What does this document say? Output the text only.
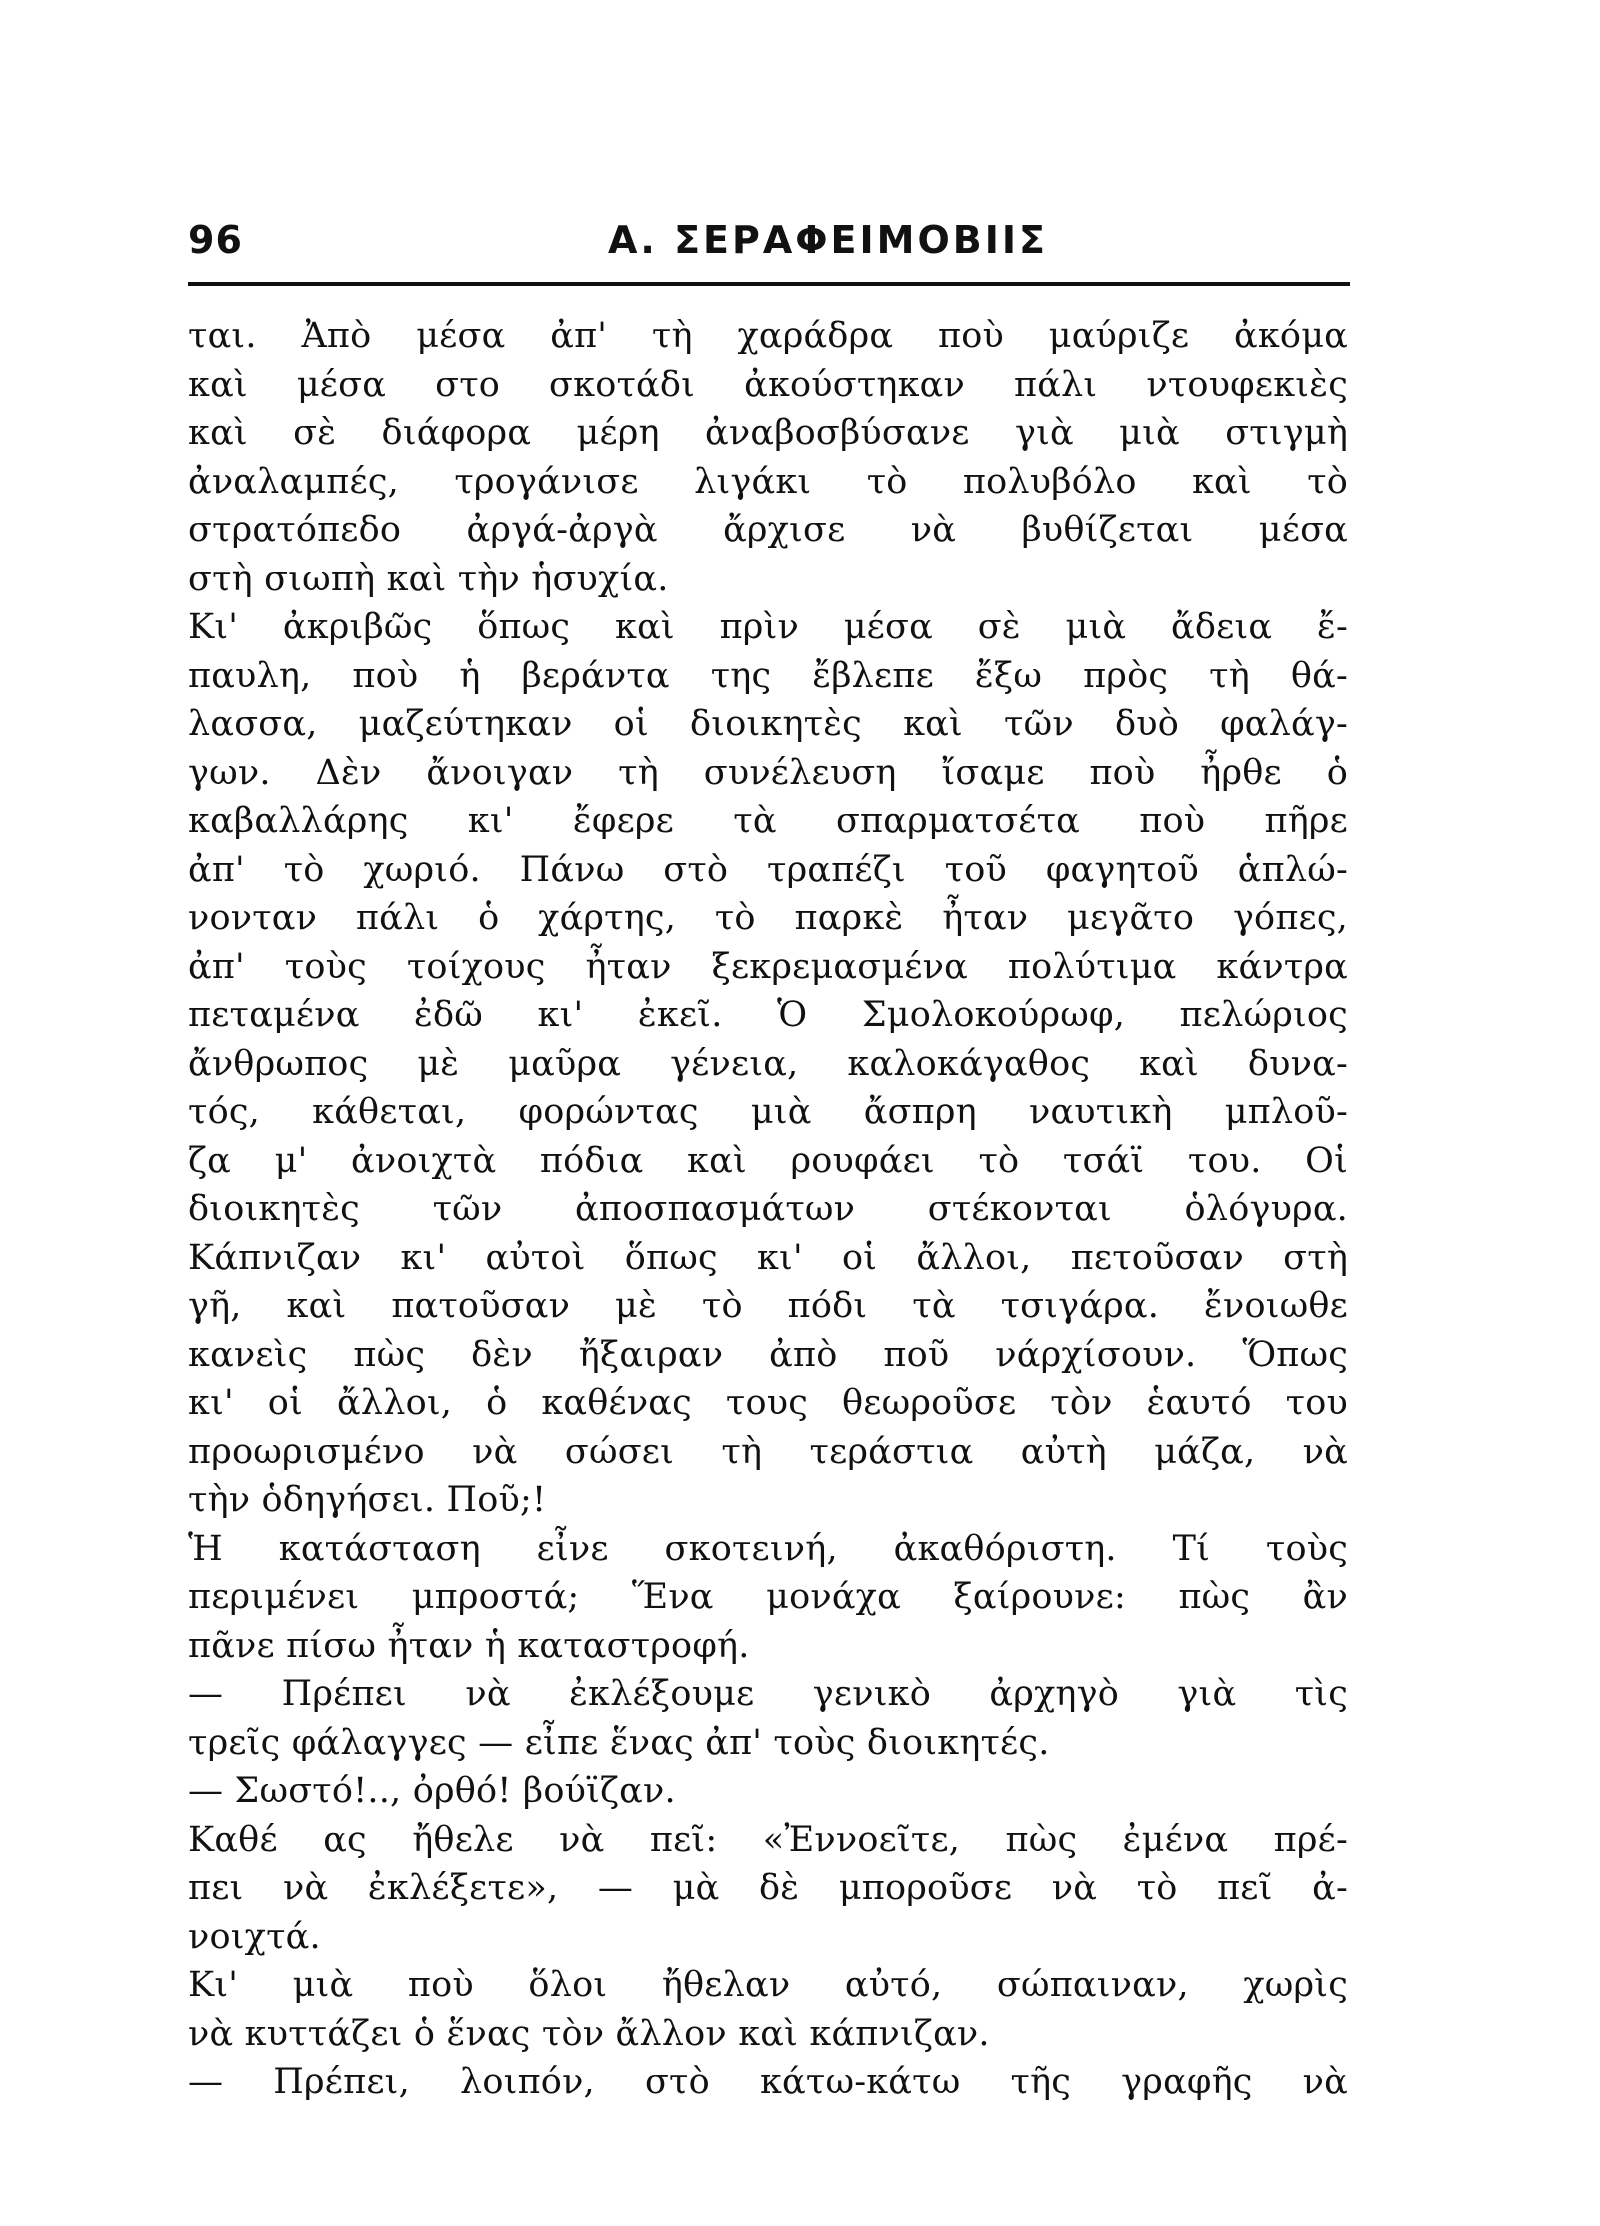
96	Α. ΣΕΡΑΦΕΙΜΟΒΙΙΣ
ται. Ἀπὸ μέσα ἀπ' τὴ χαράδρα ποὺ μαύριζε ἀκόμα
καὶ μέσα στο σκοτάδι ἀκούστηκαν πάλι ντουφεκιὲς
καὶ σὲ διάφορα μέρη ἀναβοσβύσανε γιὰ μιὰ στιγμὴ
ἀναλαμπές, τρογάνισε λιγάκι τὸ πολυβόλο καὶ τὸ
στρατόπεδο ἀργά-ἀργὰ ἄρχισε νὰ βυθίζεται μέσα
στὴ σιωπὴ καὶ τὴν ἡσυχία.
Κι' ἀκριβῶς ὅπως καὶ πρὶν μέσα σὲ μιὰ ἄδεια ἔ-
παυλη, ποὺ ἡ βεράντα της ἔβλεπε ἔξω πρὸς τὴ θά-
λασσα, μαζεύτηκαν οἱ διοικητὲς καὶ τῶν δυὸ φαλάγ-
γων. Δὲν ἄνοιγαν τὴ συνέλευση ἴσαμε ποὺ ἦρθε ὁ
καβαλλάρης κι' ἔφερε τὰ σπαρματσέτα ποὺ πῆρε
ἀπ' τὸ χωριό. Πάνω στὸ τραπέζι τοῦ φαγητοῦ ἁπλώ-
νονταν πάλι ὁ χάρτης, τὸ παρκὲ ἦταν μεγᾶτο γόπες,
ἀπ' τοὺς τοίχους ἦταν ξεκρεμασμένα πολύτιμα κάντρα
πεταμένα ἐδῶ κι' ἐκεῖ. Ὁ Σμολοκούρωφ, πελώριος
ἄνθρωπος μὲ μαῦρα γένεια, καλοκάγαθος καὶ δυνα-
τός, κάθεται, φορώντας μιὰ ἄσπρη ναυτικὴ μπλοῦ-
ζα μ' ἀνοιχτὰ πόδια καὶ ρουφάει τὸ τσάϊ του. Οἱ
διοικητὲς τῶν ἀποσπασμάτων στέκονται ὁλόγυρα.
Κάπνιζαν κι' αὐτοὶ ὅπως κι' οἱ ἄλλοι, πετοῦσαν στὴ
γῆ, καὶ πατοῦσαν μὲ τὸ πόδι τὰ τσιγάρα. ἔνοιωθε
κανεὶς πὼς δὲν ἤξαιραν ἀπὸ ποῦ νάρχίσουν. Ὅπως
κι' οἱ ἄλλοι, ὁ καθένας τους θεωροῦσε τὸν ἑαυτό του
προωρισμένο νὰ σώσει τὴ τεράστια αὐτὴ μάζα, νὰ
τὴν ὁδηγήσει. Ποῦ;!
Ἡ κατάσταση εἶνε σκοτεινή, ἀκαθόριστη. Τί τοὺς
περιμένει μπροστά; Ἕνα μονάχα ξαίρουνε: πὼς ἂν
πᾶνε πίσω ἦταν ἡ καταστροφή.
— Πρέπει νὰ ἐκλέξουμε γενικὸ ἀρχηγὸ γιὰ τὶς
τρεῖς φάλαγγες — εἶπε ἕνας ἀπ' τοὺς διοικητές.
— Σωστό!.., ὀρθό! βούϊζαν.
Καθέ ας ἤθελε νὰ πεῖ: «Ἐννοεῖτε, πὼς ἐμένα πρέ-
πει νὰ ἐκλέξετε», — μὰ δὲ μποροῦσε νὰ τὸ πεῖ ἀ-
νοιχτά.
Κι' μιὰ ποὺ ὅλοι ἤθελαν αὐτό, σώπαιναν, χωρὶς
νὰ κυττάζει ὁ ἕνας τὸν ἄλλον καὶ κάπνιζαν.
— Πρέπει, λοιπόν, στὸ κάτω-κάτω τῆς γραφῆς νὰ
